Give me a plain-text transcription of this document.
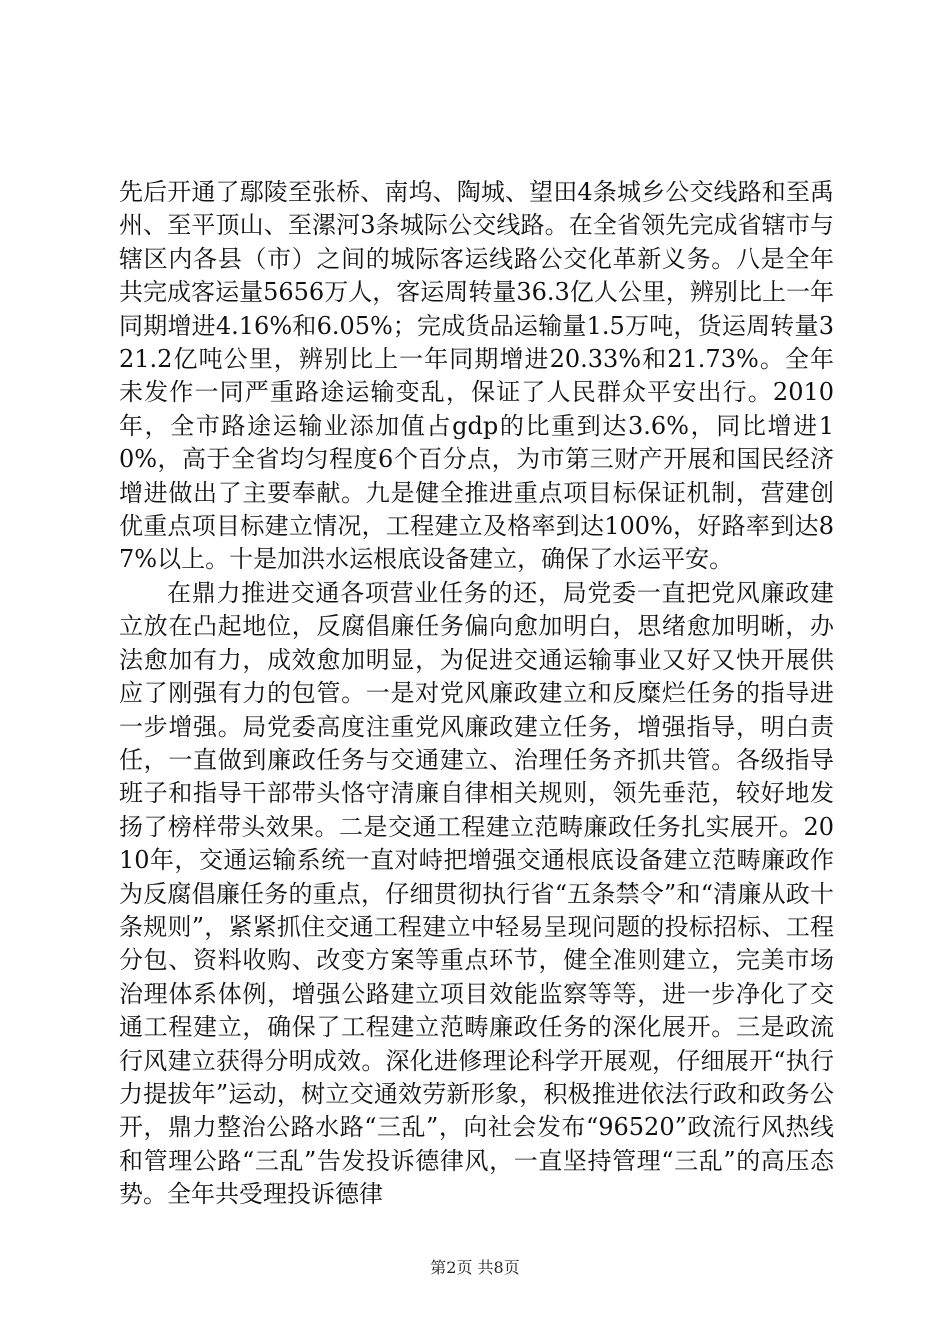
先后开通了鄢陵至张桥、南坞、陶城、望田4条城乡公交线路和至禹州、至平顶山、至漯河3条城际公交线路。在全省领先完成省辖市与辖区内各县（市）之间的城际客运线路公交化革新义务。八是全年共完成客运量5656万人，客运周转量36.3亿人公里，辨别比上一年同期增进4.16%和6.05%；完成货品运输量1.5万吨，货运周转量321.2亿吨公里，辨别比上一年同期增进20.33%和21.73%。全年未发作一同严重路途运输变乱，保证了人民群众平安出行。2010年，全市路途运输业添加值占gdp的比重到达3.6%，同比增进10%，高于全省均匀程度6个百分点，为市第三财产开展和国民经济增进做出了主要奉献。九是健全推进重点项目标保证机制，营建创优重点项目标建立情况，工程建立及格率到达100%，好路率到达87%以上。十是加洪水运根底设备建立，确保了水运平安。

在鼎力推进交通各项营业任务的还，局党委一直把党风廉政建立放在凸起地位，反腐倡廉任务偏向愈加明白，思绪愈加明晰，办法愈加有力，成效愈加明显，为促进交通运输事业又好又快开展供应了刚强有力的包管。一是对党风廉政建立和反糜烂任务的指导进一步增强。局党委高度注重党风廉政建立任务，增强指导，明白责任，一直做到廉政任务与交通建立、治理任务齐抓共管。各级指导班子和指导干部带头恪守清廉自律相关规则，领先垂范，较好地发扬了榜样带头效果。二是交通工程建立范畴廉政任务扎实展开。2010年，交通运输系统一直对峙把增强交通根底设备建立范畴廉政作为反腐倡廉任务的重点，仔细贯彻执行省“五条禁令”和“清廉从政十条规则”，紧紧抓住交通工程建立中轻易呈现问题的投标招标、工程分包、资料收购、改变方案等重点环节，健全准则建立，完美市场治理体系体例，增强公路建立项目效能监察等等，进一步净化了交通工程建立，确保了工程建立范畴廉政任务的深化展开。三是政流行风建立获得分明成效。深化进修理论科学开展观，仔细展开“执行力提拔年”运动，树立交通效劳新形象，积极推进依法行政和政务公开，鼎力整治公路水路“三乱”，向社会发布“96520”政流行风热线和管理公路“三乱”告发投诉德律风，一直坚持管理“三乱”的高压态势。全年共受理投诉德律

第2页 共8页
